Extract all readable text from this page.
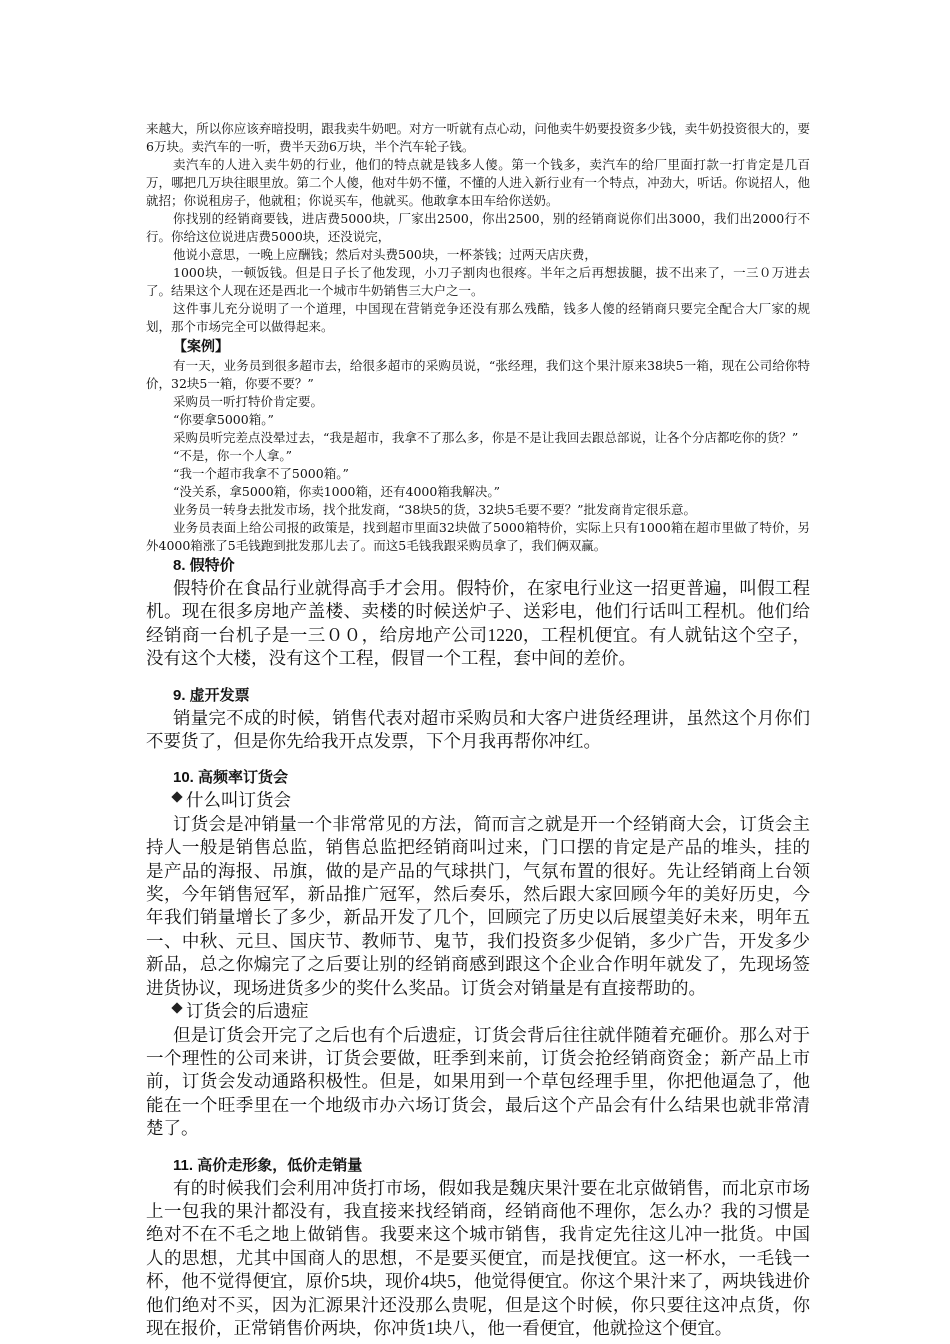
来越大，所以你应该弃暗投明，跟我卖牛奶吧。对方一听就有点心动，问他卖牛奶要投资多少钱，卖牛奶投资很大的，要6万块。卖汽车的一听，费半天劲6万块，半个汽车轮子钱。

卖汽车的人进入卖牛奶的行业，他们的特点就是钱多人傻。第一个钱多，卖汽车的给厂里面打款一打肯定是几百万，哪把几万块往眼里放。第二个人傻，他对牛奶不懂，不懂的人进入新行业有一个特点，冲劲大，听话。你说招人，他就招；你说租房子，他就租；你说买车，他就买。他敢拿本田车给你送奶。

你找别的经销商要钱，进店费5000块，厂家出2500，你出2500，别的经销商说你们出3000，我们出2000行不行。你给这位说进店费5000块，还没说完，

他说小意思，一晚上应酬钱；然后对头费500块，一杯茶钱；过两天店庆费，

1000块，一顿饭钱。但是日子长了他发现，小刀子割肉也很疼。半年之后再想拔腿，拔不出来了，一三０万进去了。结果这个人现在还是西北一个城市牛奶销售三大户之一。

这件事儿充分说明了一个道理，中国现在营销竞争还没有那么残酷，钱多人傻的经销商只要完全配合大厂家的规划，那个市场完全可以做得起来。

【案例】

有一天，业务员到很多超市去，给很多超市的采购员说，“张经理，我们这个果汁原来38块5一箱，现在公司给你特价，32块5一箱，你要不要？”

采购员一听打特价肯定要。

“你要拿5000箱。”

采购员听完差点没晕过去，“我是超市，我拿不了那么多，你是不是让我回去跟总部说，让各个分店都吃你的货？”

“不是，你一个人拿。”

“我一个超市我拿不了5000箱。”

“没关系，拿5000箱，你卖1000箱，还有4000箱我解决。”

业务员一转身去批发市场，找个批发商，“38块5的货，32块5毛要不要？”批发商肯定很乐意。

业务员表面上给公司报的政策是，找到超市里面32块做了5000箱特价，实际上只有1000箱在超市里做了特价，另外4000箱涨了5毛钱跑到批发那儿去了。而这5毛钱我跟采购员拿了，我们俩双赢。

8. 假特价

假特价在食品行业就得高手才会用。假特价，在家电行业这一招更普遍，叫假工程机。现在很多房地产盖楼、卖楼的时候送炉子、送彩电，他们行话叫工程机。他们给经销商一台机子是一三００，给房地产公司1220，工程机便宜。有人就钻这个空子，没有这个大楼，没有这个工程，假冒一个工程，套中间的差价。

9. 虚开发票

销量完不成的时候，销售代表对超市采购员和大客户进货经理讲，虽然这个月你们不要货了，但是你先给我开点发票，下个月我再帮你冲红。

10. 高频率订货会
什么叫订货会

订货会是冲销量一个非常常见的方法，简而言之就是开一个经销商大会，订货会主持人一般是销售总监，销售总监把经销商叫过来，门口摆的肯定是产品的堆头，挂的是产品的海报、吊旗，做的是产品的气球拱门，气氛布置的很好。先让经销商上台领奖，今年销售冠军，新品推广冠军，然后奏乐，然后跟大家回顾今年的美好历史，今年我们销量增长了多少，新品开发了几个，回顾完了历史以后展望美好未来，明年五一、中秋、元旦、国庆节、教师节、鬼节，我们投资多少促销，多少广告，开发多少新品，总之你煽完了之后要让别的经销商感到跟这个企业合作明年就发了，先现场签进货协议，现场进货多少的奖什么奖品。订货会对销量是有直接帮助的。

订货会的后遗症

但是订货会开完了之后也有个后遗症，订货会背后往往就伴随着充砸价。那么对于一个理性的公司来讲，订货会要做，旺季到来前，订货会抢经销商资金；新产品上市前，订货会发动通路积极性。但是，如果用到一个草包经理手里，你把他逼急了，他能在一个旺季里在一个地级市办六场订货会，最后这个产品会有什么结果也就非常清楚了。

11. 高价走形象，低价走销量

有的时候我们会利用冲货打市场，假如我是魏庆果汁要在北京做销售，而北京市场上一包我的果汁都没有，我直接来找经销商，经销商他不理你，怎么办？我的习惯是绝对不在不毛之地上做销售。我要来这个城市销售，我肯定先往这儿冲一批货。中国人的思想，尤其中国商人的思想，不是要买便宜，而是找便宜。这一杯水，一毛钱一杯，他不觉得便宜，原价5块，现价4块5，他觉得便宜。你这个果汁来了，两块钱进价他们绝对不买，因为汇源果汁还没那么贵呢，但是这个时候，你只要往这冲点货，你现在报价，正常销售价两块，你冲货1块八，他一看便宜，他就捡这个便宜。
